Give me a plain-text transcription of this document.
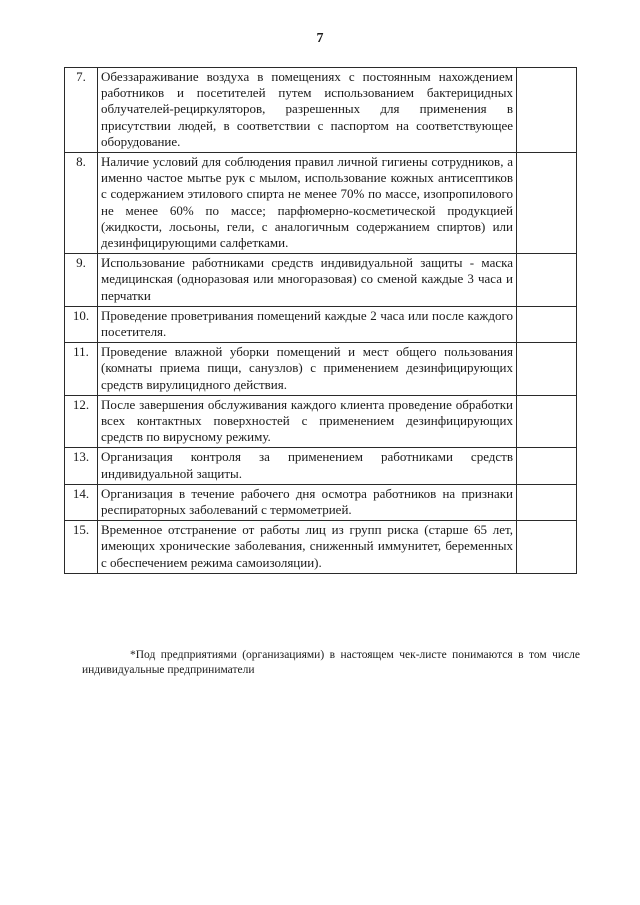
7
7.	Обеззараживание воздуха в помещениях с постоянным нахождением работников и посетителей путем использованием бактерицидных облучателей-рециркуляторов, разрешенных для применения в присутствии людей, в соответствии с паспортом на соответствующее оборудование.	
8.	Наличие условий для соблюдения правил личной гигиены сотрудников, а именно частое мытье рук с мылом, использование кожных антисептиков с содержанием этилового спирта не менее 70% по массе, изопропилового не менее 60% по массе; парфюмерно-косметической продукцией (жидкости, лосьоны, гели, с аналогичным содержанием спиртов) или дезинфицирующими салфетками.	
9.	Использование работниками средств индивидуальной защиты - маска медицинская (одноразовая или многоразовая) со сменой каждые 3 часа и перчатки	
10.	Проведение проветривания помещений каждые 2 часа или после каждого посетителя.	
11.	Проведение влажной уборки помещений и мест общего пользования (комнаты приема пищи, санузлов) с применением дезинфицирующих средств вирулицидного действия.	
12.	После завершения обслуживания каждого клиента проведение обработки всех контактных поверхностей с применением дезинфицирующих средств по вирусному режиму.	
13.	Организация контроля за применением работниками средств индивидуальной защиты.	
14.	Организация в течение рабочего дня осмотра работников на признаки респираторных заболеваний с термометрией.	
15.	Временное отстранение от работы лиц из групп риска (старше 65 лет, имеющих хронические заболевания, сниженный иммунитет, беременных с обеспечением режима самоизоляции).	
*Под предприятиями (организациями) в настоящем чек-листе понимаются в том числе индивидуальные предприниматели
